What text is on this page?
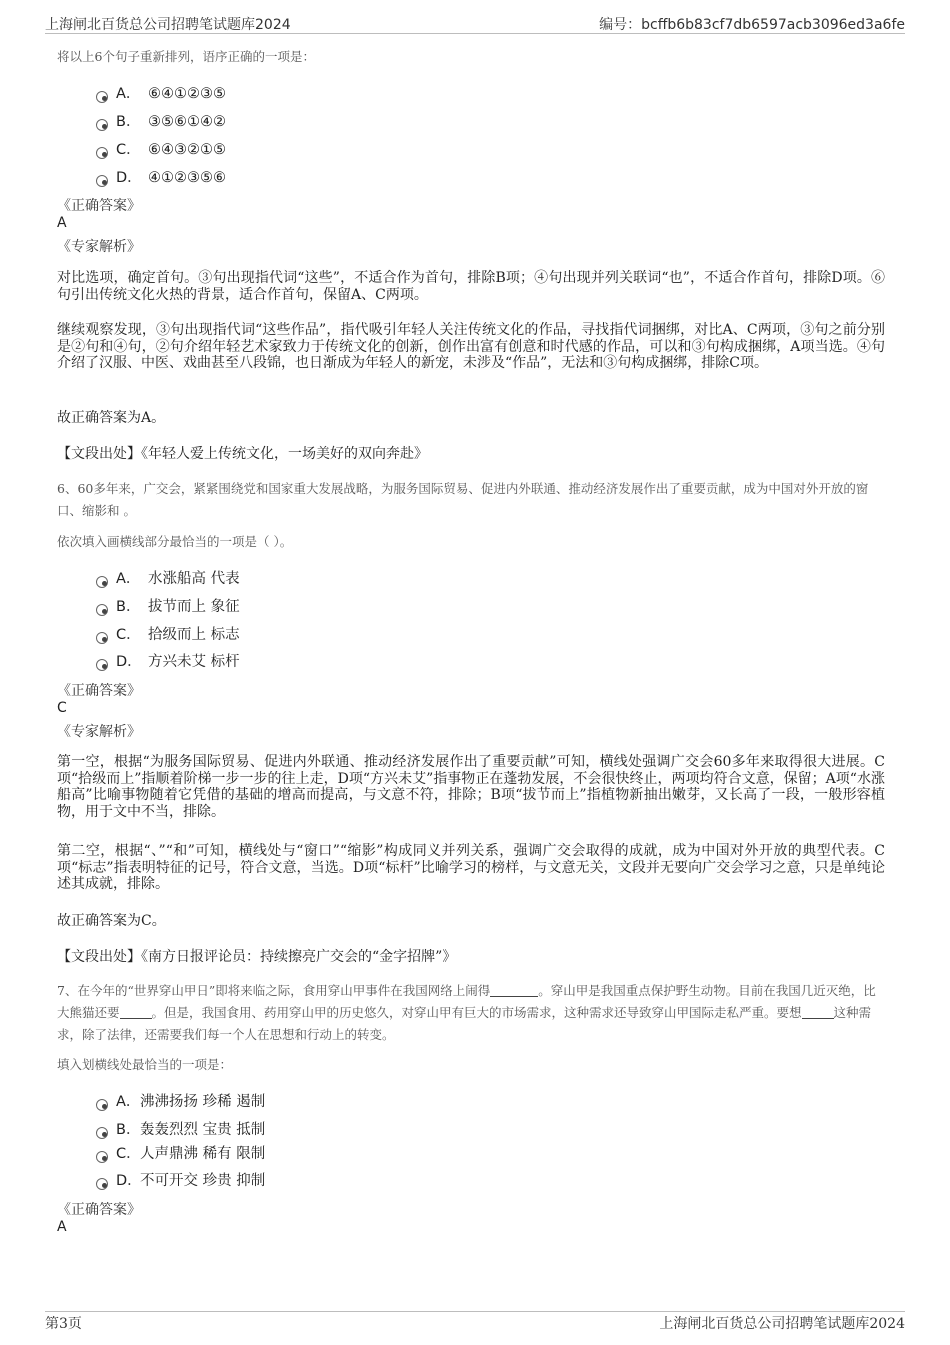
上海闸北百货总公司招聘笔试题库2024	编号：bcffb6b83cf7db6597acb3096ed3a6fe
将以上6个句子重新排列，语序正确的一项是：
A． ⑥④①②③⑤
B． ③⑤⑥①④②
C． ⑥④③②①⑤
D． ④①②③⑤⑥
《正确答案》
A
《专家解析》
对比选项，确定首句。③句出现指代词“这些”，不适合作为首句，排除B项；④句出现并列关联词“也”，不适合作首句，排除D项。⑥句引出传统文化火热的背景，适合作首句，保留A、C两项。
继续观察发现，③句出现指代词“这些作品”，指代吸引年轻人关注传统文化的作品，寻找指代词捆绑，对比A、C两项，③句之前分别是②句和④句，②句介绍年轻艺术家致力于传统文化的创新，创作出富有创意和时代感的作品，可以和③句构成捆绑，A项当选。④句介绍了汉服、中医、戏曲甚至八段锦，也日渐成为年轻人的新宠，未涉及“作品”，无法和③句构成捆绑，排除C项。
故正确答案为A。
【文段出处】《年轻人爱上传统文化，一场美好的双向奔赴》
6、60多年来，广交会，紧紧围绕党和国家重大发展战略，为服务国际贸易、促进内外联通、推动经济发展作出了重要贡献，成为中国对外开放的窗口、缩影和 。
依次填入画横线部分最恰当的一项是（ ）。
A． 水涨船高 代表
B． 拔节而上 象征
C． 拾级而上 标志
D． 方兴未艾 标杆
《正确答案》
C
《专家解析》
第一空，根据“为服务国际贸易、促进内外联通、推动经济发展作出了重要贡献”可知，横线处强调广交会60多年来取得很大进展。C项“拾级而上”指顺着阶梯一步一步的往上走，D项“方兴未艾”指事物正在蓬勃发展，不会很快终止，两项均符合文意，保留；A项“水涨船高”比喻事物随着它凭借的基础的增高而提高，与文意不符，排除；B项“拔节而上”指植物新抽出嫩芽，又长高了一段，一般形容植物，用于文中不当，排除。
第二空，根据“、”“和”可知，横线处与“窗口”“缩影”构成同义并列关系，强调广交会取得的成就，成为中国对外开放的典型代表。C项“标志”指表明特征的记号，符合文意，当选。D项“标杆”比喻学习的榜样，与文意无关，文段并无要向广交会学习之意，只是单纯论述其成就，排除。
故正确答案为C。
【文段出处】《南方日报评论员：持续擦亮广交会的“金字招牌”》
7、在今年的“世界穿山甲日”即将来临之际，食用穿山甲事件在我国网络上闹得	。穿山甲是我国重点保护野生动物。目前在我国几近灭绝，比大熊猫还要	。但是，我国食用、药用穿山甲的历史悠久，对穿山甲有巨大的市场需求，这种需求还导致穿山甲国际走私严重。要想	这种需求，除了法律，还需要我们每一个人在思想和行动上的转变。
填入划横线处最恰当的一项是：
A．沸沸扬扬 珍稀 遏制
B．轰轰烈烈 宝贵 抵制
C．人声鼎沸 稀有 限制
D．不可开交 珍贵 抑制
《正确答案》
A
第3页	上海闸北百货总公司招聘笔试题库2024
